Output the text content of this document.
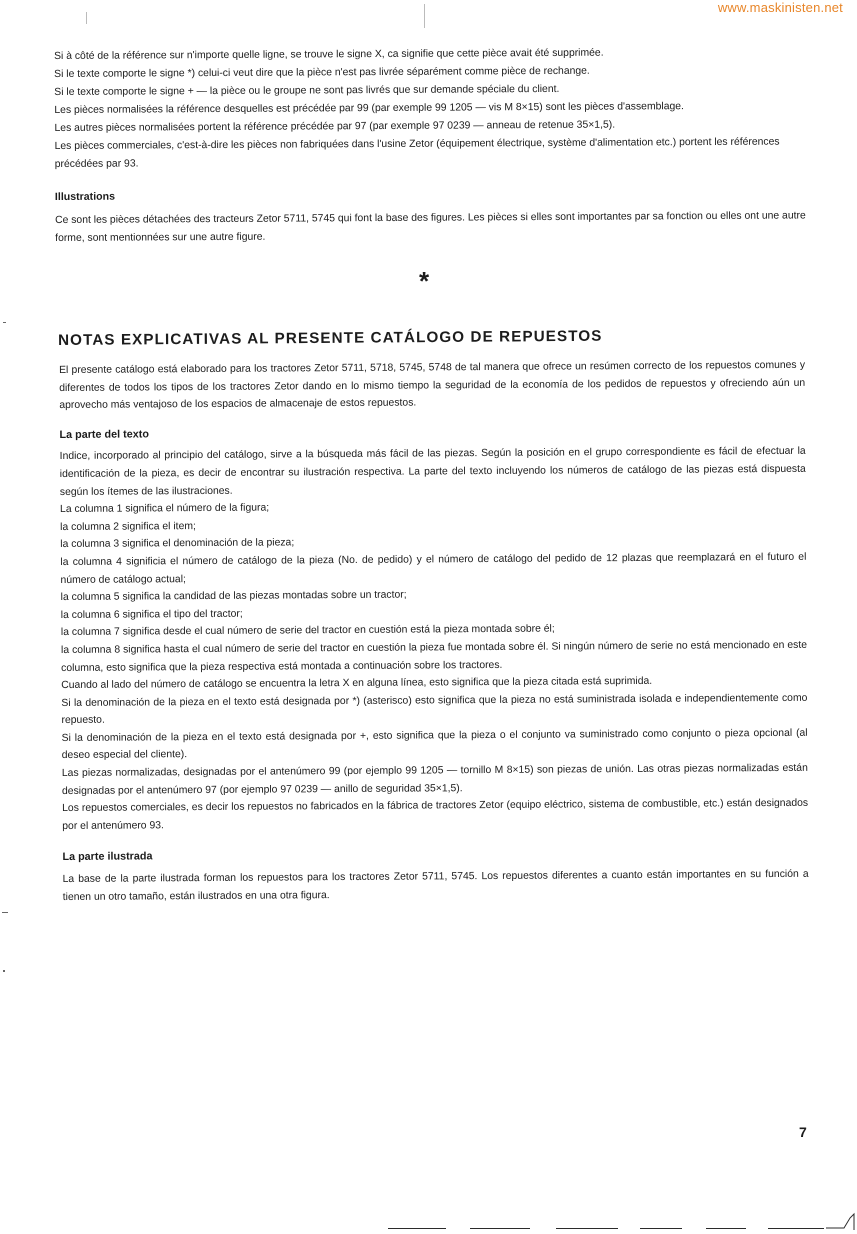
www.maskinisten.net

Si à côté de la référence sur n'importe quelle ligne, se trouve le signe X, ca signifie que cette pièce avait été supprimée.

Si le texte comporte le signe *) celui-ci veut dire que la pièce n'est pas livrée séparément comme pièce de rechange.

Si le texte comporte le signe + — la pièce ou le groupe ne sont pas livrés que sur demande spéciale du client.

Les pièces normalisées la référence desquelles est précédée par 99 (par exemple 99 1205 — vis M 8×15) sont les pièces d'assemblage.

Les autres pièces normalisées portent la référence précédée par 97 (par exemple 97 0239 — anneau de retenue 35×1,5).

Les pièces commerciales, c'est-à-dire les pièces non fabriquées dans l'usine Zetor (équipement électrique, système d'alimentation etc.) portent les références précédées par 93.

Illustrations

Ce sont les pièces détachées des tracteurs Zetor 5711, 5745 qui font la base des figures. Les pièces si elles sont importantes par sa fonction ou elles ont une autre forme, sont mentionnées sur une autre figure.

*
NOTAS EXPLICATIVAS AL PRESENTE CATÁLOGO DE REPUESTOS

El presente catálogo está elaborado para los tractores Zetor 5711, 5718, 5745, 5748 de tal manera que ofrece un resúmen correcto de los repuestos comunes y diferentes de todos los tipos de los tractores Zetor dando en lo mismo tiempo la seguridad de la economía de los pedidos de repuestos y ofreciendo aún un aprovecho más ventajoso de los espacios de almacenaje de estos repuestos.

La parte del texto

Indice, incorporado al principio del catálogo, sirve a la búsqueda más fácil de las piezas. Según la posición en el grupo correspondiente es fácil de efectuar la identificación de la pieza, es decir de encontrar su ilustración respectiva. La parte del texto incluyendo los números de catálogo de las piezas está dispuesta según los ítemes de las ilustraciones.

La columna 1 significa el número de la figura;

la columna 2 significa el item;

la columna 3 significa el denominación de la pieza;

la columna 4 significia el número de catálogo de la pieza (No. de pedido) y el número de catálogo del pedido de 12 plazas que reemplazará en el futuro el número de catálogo actual;

la columna 5 significa la candidad de las piezas montadas sobre un tractor;

la columna 6 significa el tipo del tractor;

la columna 7 significa desde el cual número de serie del tractor en cuestión está la pieza montada sobre él;

la columna 8 significa hasta el cual número de serie del tractor en cuestión la pieza fue montada sobre él. Si ningún número de serie no está mencionado en este columna, esto significa que la pieza respectiva está montada a continuación sobre los tractores.

Cuando al lado del número de catálogo se encuentra la letra X en alguna línea, esto significa que la pieza citada está suprimida.

Si la denominación de la pieza en el texto está designada por *) (asterisco) esto significa que la pieza no está suministrada isolada e independientemente como repuesto.

Si la denominación de la pieza en el texto está designada por +, esto significa que la pieza o el conjunto va suministrado como conjunto o pieza opcional (al deseo especial del cliente).

Las piezas normalizadas, designadas por el antenúmero 99 (por ejemplo 99 1205 — tornillo M 8×15) son piezas de unión. Las otras piezas normalizadas están designadas por el antenúmero 97 (por ejemplo 97 0239 — anillo de seguridad 35×1,5).

Los repuestos comerciales, es decir los repuestos no fabricados en la fábrica de tractores Zetor (equipo eléctrico, sistema de combustible, etc.) están designados por el antenúmero 93.

La parte ilustrada

La base de la parte ilustrada forman los repuestos para los tractores Zetor 5711, 5745. Los repuestos diferentes a cuanto están importantes en su función a tienen un otro tamaño, están ilustrados en una otra figura.

7
